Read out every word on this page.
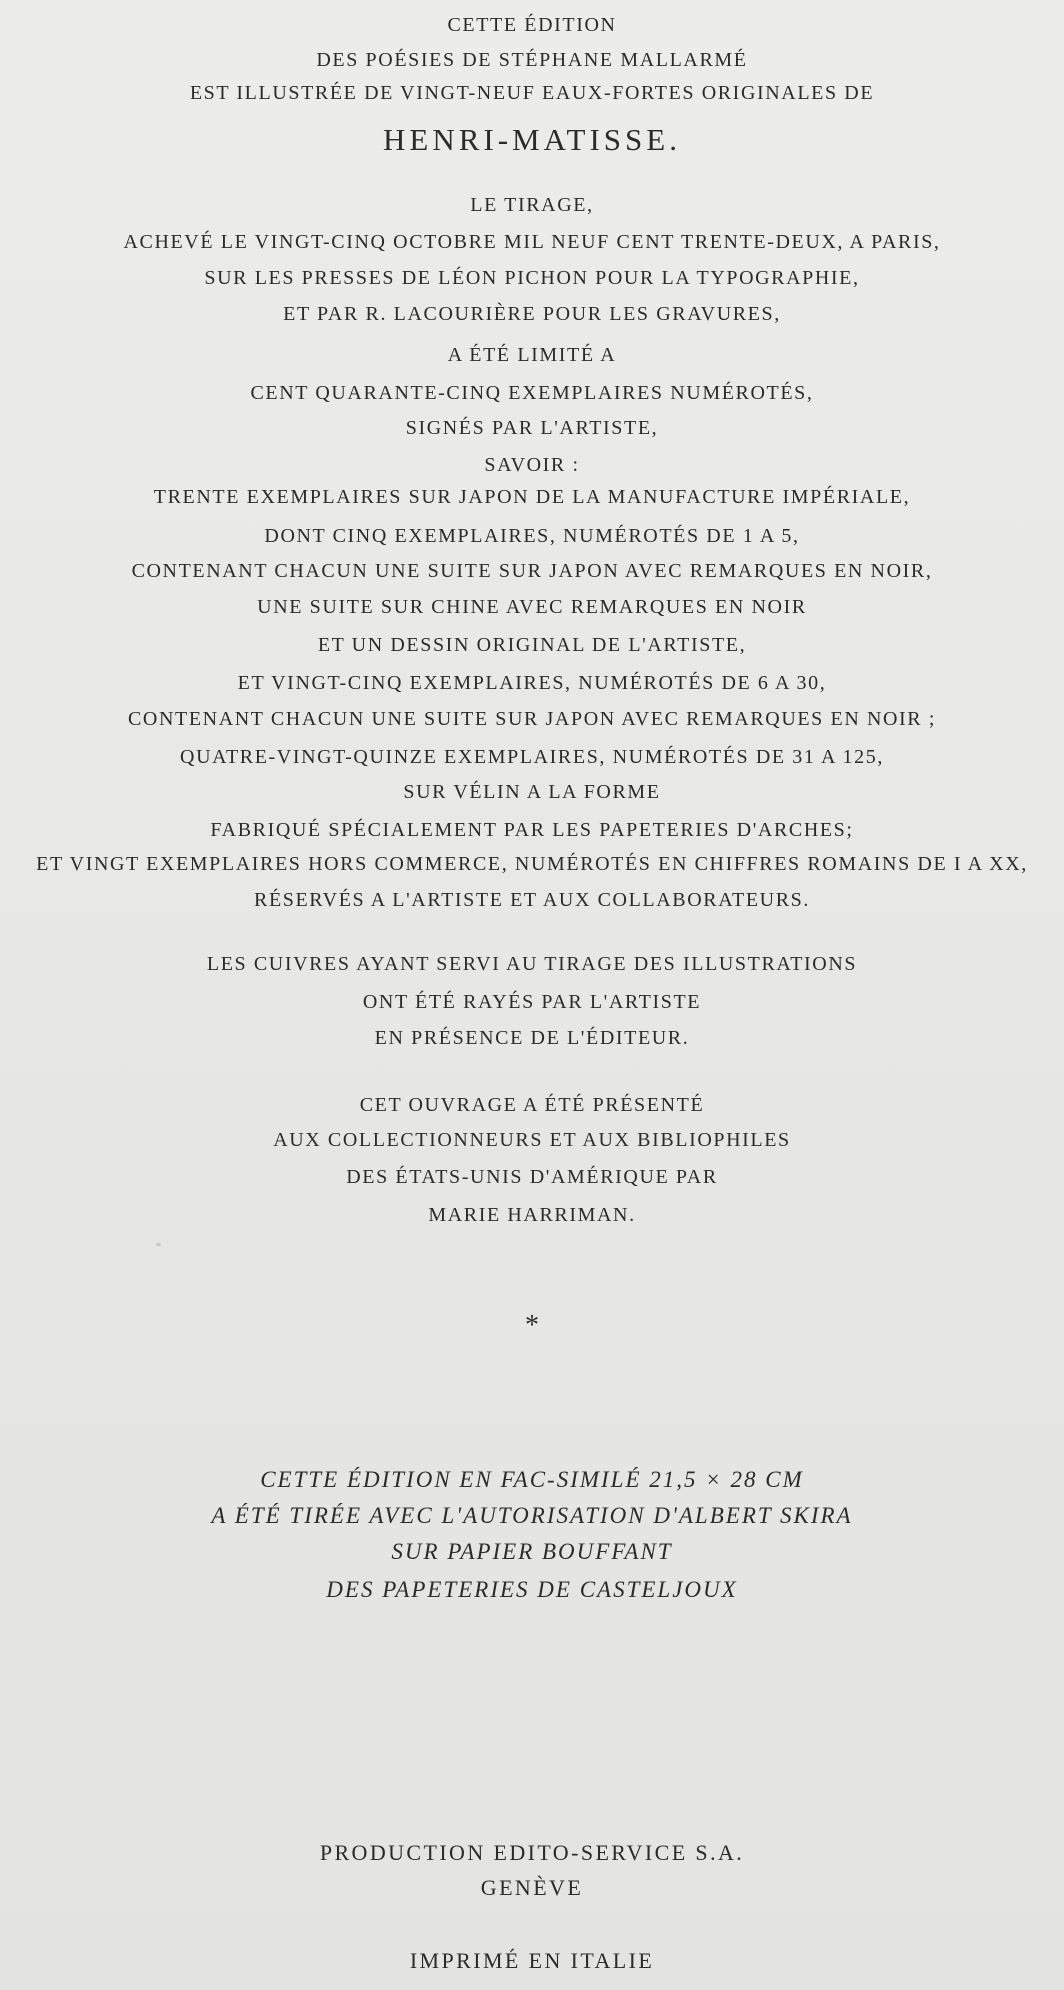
CETTE ÉDITION
DES POÉSIES DE STÉPHANE MALLARMÉ
EST ILLUSTRÉE DE VINGT-NEUF EAUX-FORTES ORIGINALES DE
HENRI-MATISSE.
LE TIRAGE,
ACHEVÉ LE VINGT-CINQ OCTOBRE MIL NEUF CENT TRENTE-DEUX, A PARIS,
SUR LES PRESSES DE LÉON PICHON POUR LA TYPOGRAPHIE,
ET PAR R. LACOURIÈRE POUR LES GRAVURES,
A ÉTÉ LIMITÉ A
CENT QUARANTE-CINQ EXEMPLAIRES NUMÉROTÉS,
SIGNÉS PAR L'ARTISTE,
SAVOIR :
TRENTE EXEMPLAIRES SUR JAPON DE LA MANUFACTURE IMPÉRIALE,
DONT CINQ EXEMPLAIRES, NUMÉROTÉS DE 1 A 5,
CONTENANT CHACUN UNE SUITE SUR JAPON AVEC REMARQUES EN NOIR,
UNE SUITE SUR CHINE AVEC REMARQUES EN NOIR
ET UN DESSIN ORIGINAL DE L'ARTISTE,
ET VINGT-CINQ EXEMPLAIRES, NUMÉROTÉS DE 6 A 30,
CONTENANT CHACUN UNE SUITE SUR JAPON AVEC REMARQUES EN NOIR ;
QUATRE-VINGT-QUINZE EXEMPLAIRES, NUMÉROTÉS DE 31 A 125,
SUR VÉLIN A LA FORME
FABRIQUÉ SPÉCIALEMENT PAR LES PAPETERIES D'ARCHES;
ET VINGT EXEMPLAIRES HORS COMMERCE, NUMÉROTÉS EN CHIFFRES ROMAINS DE I A XX,
RÉSERVÉS A L'ARTISTE ET AUX COLLABORATEURS.
LES CUIVRES AYANT SERVI AU TIRAGE DES ILLUSTRATIONS
ONT ÉTÉ RAYÉS PAR L'ARTISTE
EN PRÉSENCE DE L'ÉDITEUR.
CET OUVRAGE A ÉTÉ PRÉSENTÉ
AUX COLLECTIONNEURS ET AUX BIBLIOPHILES
DES ÉTATS-UNIS D'AMÉRIQUE PAR
MARIE HARRIMAN.
*
CETTE ÉDITION EN FAC-SIMILÉ 21,5 × 28 CM
A ÉTÉ TIRÉE AVEC L'AUTORISATION D'ALBERT SKIRA
SUR PAPIER BOUFFANT
DES PAPETERIES DE CASTELJOUX
PRODUCTION EDITO-SERVICE S.A.
GENÈVE
IMPRIMÉ EN ITALIE
